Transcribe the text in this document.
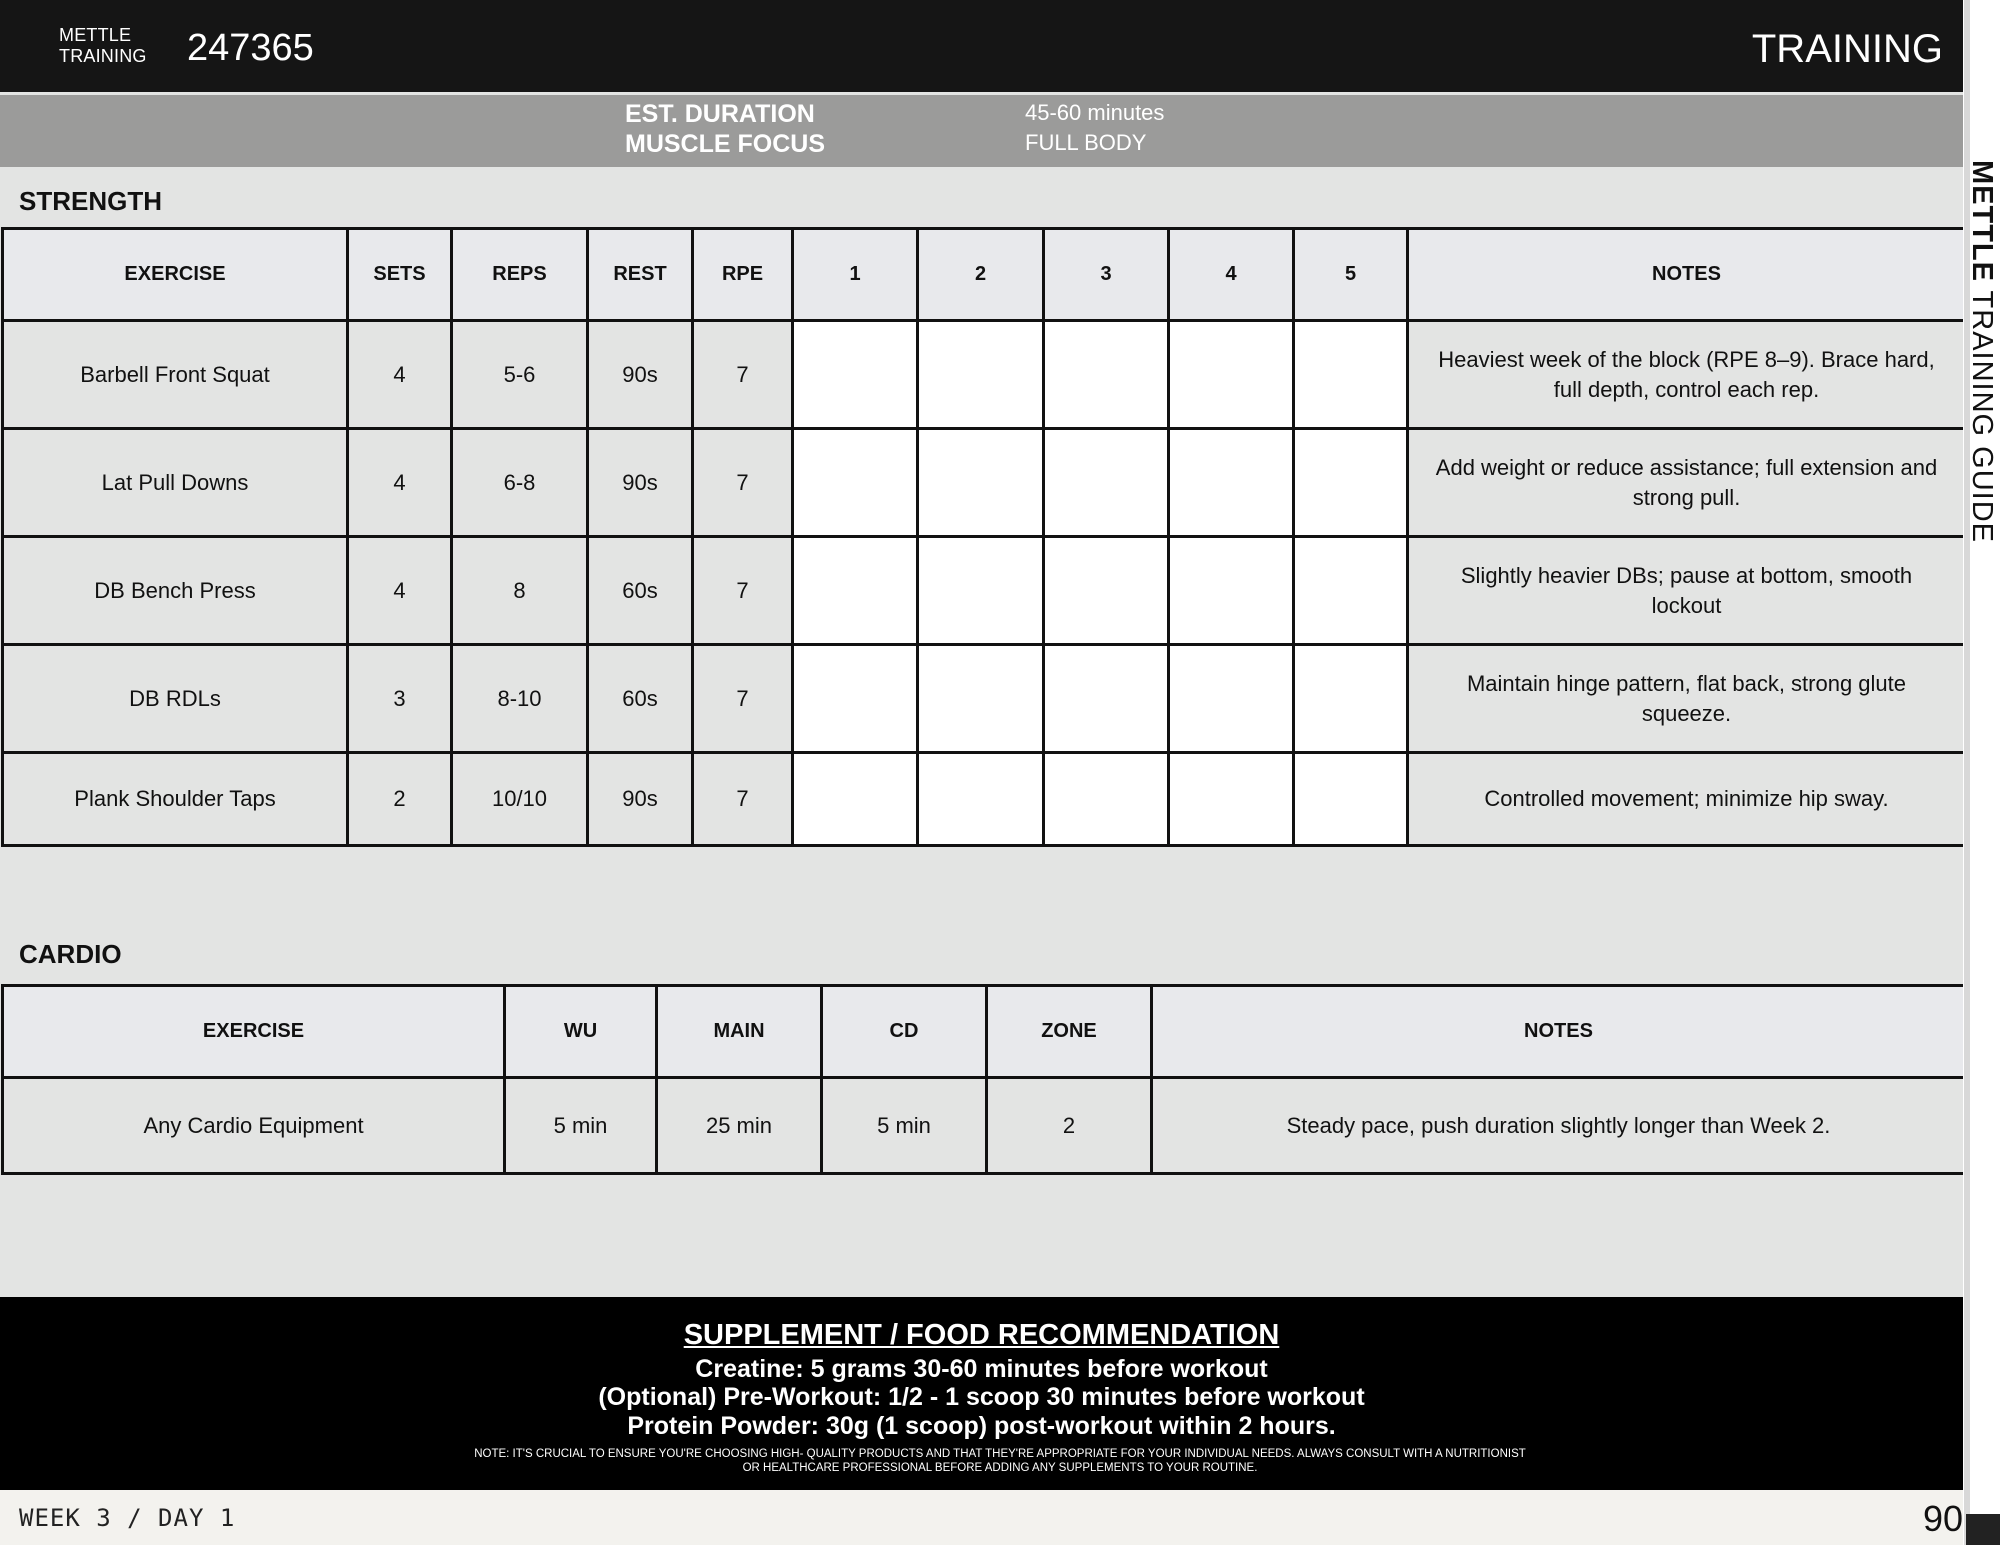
METTLE
TRAINING 247365	TRAINING
EST. DURATION	45-60 minutes
MUSCLE FOCUS	FULL BODY
STRENGTH
EXERCISE	SETS	REPS	REST	RPE	1	2	3	4	5	NOTES
Barbell Front Squat	4	5-6	90s	7						Heaviest week of the block (RPE 8–9). Brace hard, full depth, control each rep.
Lat Pull Downs	4	6-8	90s	7						Add weight or reduce assistance; full extension and strong pull.
DB Bench Press	4	8	60s	7						Slightly heavier DBs; pause at bottom, smooth lockout
DB RDLs	3	8-10	60s	7						Maintain hinge pattern, flat back, strong glute squeeze.
Plank Shoulder Taps	2	10/10	90s	7						Controlled movement; minimize hip sway.
CARDIO
EXERCISE	WU	MAIN	CD	ZONE	NOTES
Any Cardio Equipment	5 min	25 min	5 min	2	Steady pace, push duration slightly longer than Week 2.
SUPPLEMENT / FOOD RECOMMENDATION
Creatine: 5 grams 30-60 minutes before workout
(Optional) Pre-Workout: 1/2 - 1 scoop 30 minutes before workout
Protein Powder: 30g (1 scoop) post-workout within 2 hours.
NOTE: IT'S CRUCIAL TO ENSURE YOU'RE CHOOSING HIGH- QUALITY PRODUCTS AND THAT THEY'RE APPROPRIATE FOR YOUR INDIVIDUAL NEEDS. ALWAYS CONSULT WITH A NUTRITIONIST OR HEALTHCARE PROFESSIONAL BEFORE ADDING ANY SUPPLEMENTS TO YOUR ROUTINE.
WEEK 3 / DAY 1	90
METTLE TRAINING GUIDE
